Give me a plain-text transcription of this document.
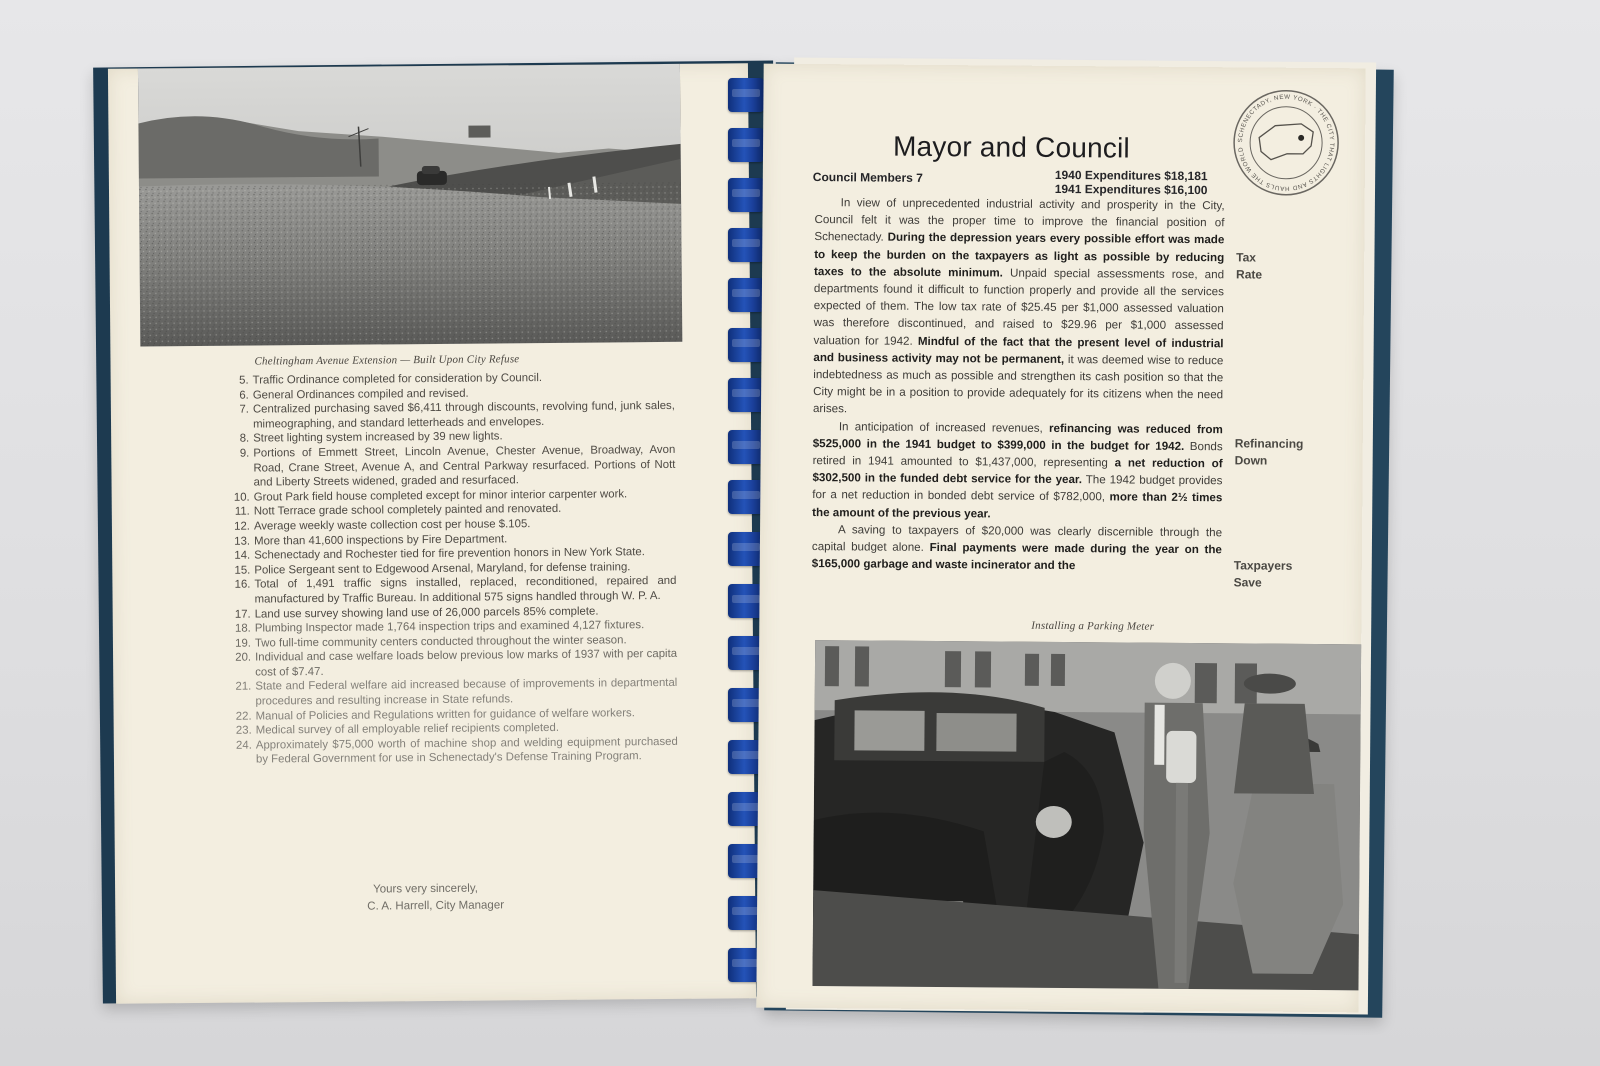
Cheltingham Avenue Extension — Built Upon City Refuse
5. Traffic Ordinance completed for consideration by Council.
6. General Ordinances compiled and revised.
7. Centralized purchasing saved $6,411 through discounts, revolving fund, junk sales, mimeographing, and standard letterheads and envelopes.
8. Street lighting system increased by 39 new lights.
9. Portions of Emmett Street, Lincoln Avenue, Chester Avenue, Broadway, Avon Road, Crane Street, Avenue A, and Central Parkway resurfaced. Portions of Nott and Liberty Streets widened, graded and resurfaced.
10. Grout Park field house completed except for minor interior carpenter work.
11. Nott Terrace grade school completely painted and renovated.
12. Average weekly waste collection cost per house $.105.
13. More than 41,600 inspections by Fire Department.
14. Schenectady and Rochester tied for fire prevention honors in New York State.
15. Police Sergeant sent to Edgewood Arsenal, Maryland, for defense training.
16. Total of 1,491 traffic signs installed, replaced, reconditioned, repaired and manufactured by Traffic Bureau. In additional 575 signs handled through W. P. A.
17. Land use survey showing land use of 26,000 parcels 85% complete.
18. Plumbing Inspector made 1,764 inspection trips and examined 4,127 fixtures.
19. Two full-time community centers conducted throughout the winter season.
20. Individual and case welfare loads below previous low marks of 1937 with per capita cost of $7.47.
21. State and Federal welfare aid increased because of improvements in departmental procedures and resulting increase in State refunds.
22. Manual of Policies and Regulations written for guidance of welfare workers.
23. Medical survey of all employable relief recipients completed.
24. Approximately $75,000 worth of machine shop and welding equipment purchased by Federal Government for use in Schenectady's Defense Training Program.
Yours very sincerely,
C. A. Harrell, City Manager
SCHENECTADY, NEW YORK · THE CITY THAT LIGHTS AND HAULS THE WORLD
Mayor and Council
Council Members 7	1940 Expenditures $18,181
1941 Expenditures $16,100

In view of unprecedented industrial activity and prosperity in the City, Council felt it was the proper time to improve the financial position of Schenectady. During the depression years every possible effort was made to keep the burden on the taxpayers as light as possible by reducing taxes to the absolute minimum. Unpaid special assessments rose, and departments found it difficult to function properly and provide all the services expected of them. The low tax rate of $25.45 per $1,000 assessed valuation was therefore discontinued, and raised to $29.96 per $1,000 assessed valuation for 1942. Mindful of the fact that the present level of industrial and business activity may not be permanent, it was deemed wise to reduce indebtedness as much as possible and strengthen its cash position so that the City might be in a position to provide adequately for its citizens when the need arises.

In anticipation of increased revenues, refinancing was reduced from $525,000 in the 1941 budget to $399,000 in the budget for 1942. Bonds retired in 1941 amounted to $1,437,000, representing a net reduction of $302,500 in the funded debt service for the year. The 1942 budget provides for a net reduction in bonded debt service of $782,000, more than 2½ times the amount of the previous year.

A saving to taxpayers of $20,000 was clearly discernible through the capital budget alone. Final payments were made during the year on the $165,000 garbage and waste incinerator and the

Tax
Rate
Refinancing
Down
Taxpayers
Save
Installing a Parking Meter
